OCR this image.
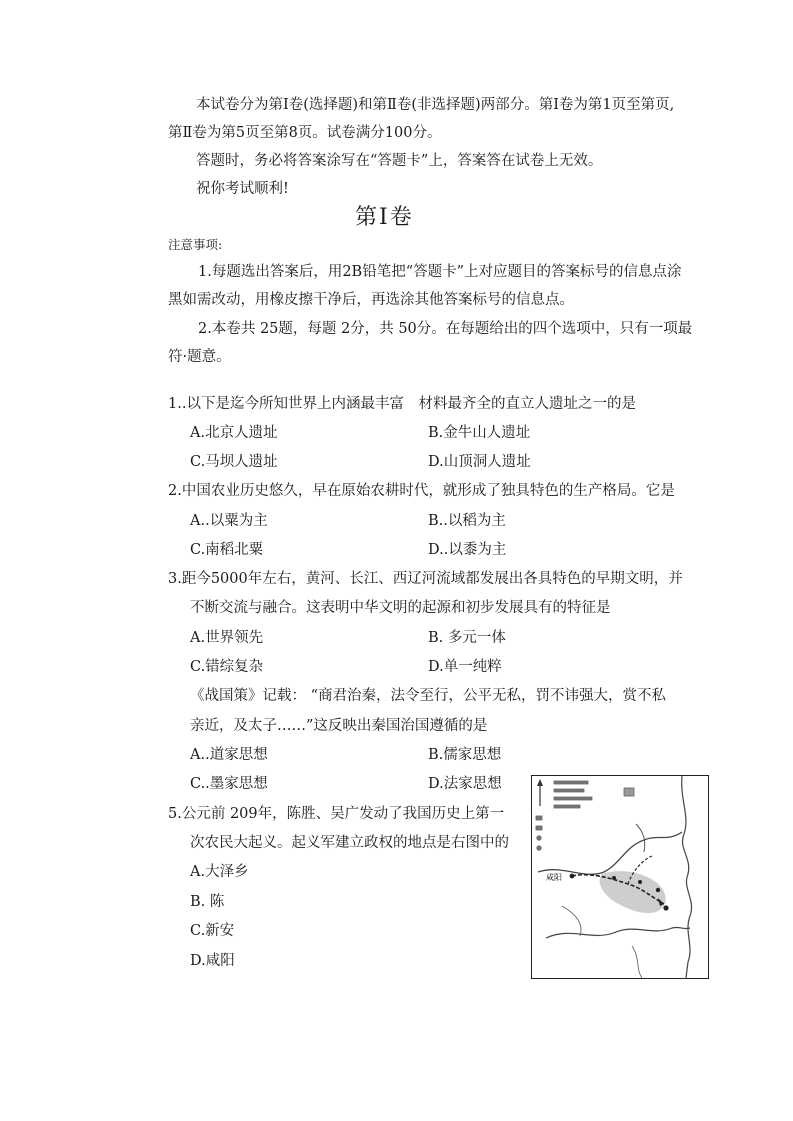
本试卷分为第Ⅰ卷(选择题)和第Ⅱ卷(非选择题)两部分。第Ⅰ卷为第1页至第页,
第Ⅱ卷为第5页至第8页。试卷满分100分。
答题时，务必将答案涂写在“答题卡”上，答案答在试卷上无效。
祝你考试顺利!
第Ⅰ卷
注意事项:
1.每题选出答案后，用2B铅笔把“答题卡”上对应题目的答案标号的信息点涂
黑如需改动，用橡皮擦干净后，再选涂其他答案标号的信息点。
2.本卷共 25题，每题 2分，共 50分。在每题给出的四个选项中，只有一项最
符·题意。
1..以下是迄今所知世界上内涵最丰富　材料最齐全的直立人遗址之一的是
A.北京人遗址	B.金牛山人遗址
C.马坝人遗址	D.山顶洞人遗址
2.中国农业历史悠久，早在原始农耕时代，就形成了独具特色的生产格局。它是
A..以粟为主	B..以稻为主
C.南稻北粟	D..以黍为主
3.距今5000年左右，黄河、长江、西辽河流域都发展出各具特色的早期文明，并
不断交流与融合。这表明中华文明的起源和初步发展具有的特征是
A.世界领先	B. 多元一体
C.错综复杂	D.单一纯粹
《战国策》记载： “商君治秦，法令至行，公平无私，罚不讳强大，赏不私
亲近，及太子……”这反映出秦国治国遵循的是
A..道家思想	B.儒家思想
C..墨家思想	D.法家思想
5.公元前 209年，陈胜、吴广发动了我国历史上第一
次农民大起义。起义军建立政权的地点是右图中的
A.大泽乡
B. 陈
C.新安
D.咸阳
咸阳
